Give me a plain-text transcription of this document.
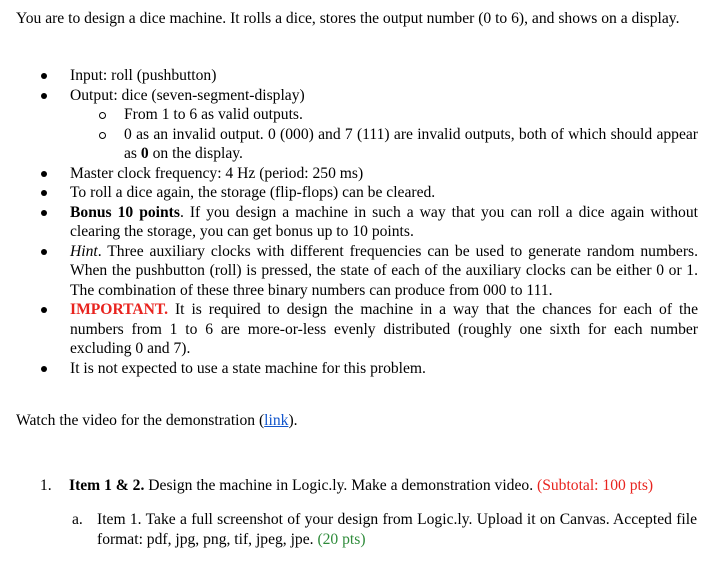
You are to design a dice machine. It rolls a dice, stores the output number (0 to 6), and shows on a display.
Input: roll (pushbutton)
Output: dice (seven-segment-display)
From 1 to 6 as valid outputs.
0 as an invalid output. 0 (000) and 7 (111) are invalid outputs, both of which should appear as 0 on the display.
Master clock frequency: 4 Hz (period: 250 ms)
To roll a dice again, the storage (flip-flops) can be cleared.
Bonus 10 points. If you design a machine in such a way that you can roll a dice again without clearing the storage, you can get bonus up to 10 points.
Hint. Three auxiliary clocks with different frequencies can be used to generate random numbers. When the pushbutton (roll) is pressed, the state of each of the auxiliary clocks can be either 0 or 1. The combination of these three binary numbers can produce from 000 to 111.
IMPORTANT. It is required to design the machine in a way that the chances for each of the numbers from 1 to 6 are more-or-less evenly distributed (roughly one sixth for each number excluding 0 and 7).
It is not expected to use a state machine for this problem.
Watch the video for the demonstration (link).
1. Item 1 & 2. Design the machine in Logic.ly. Make a demonstration video. (Subtotal: 100 pts)
a. Item 1. Take a full screenshot of your design from Logic.ly. Upload it on Canvas. Accepted file format: pdf, jpg, png, tif, jpeg, jpe. (20 pts)
